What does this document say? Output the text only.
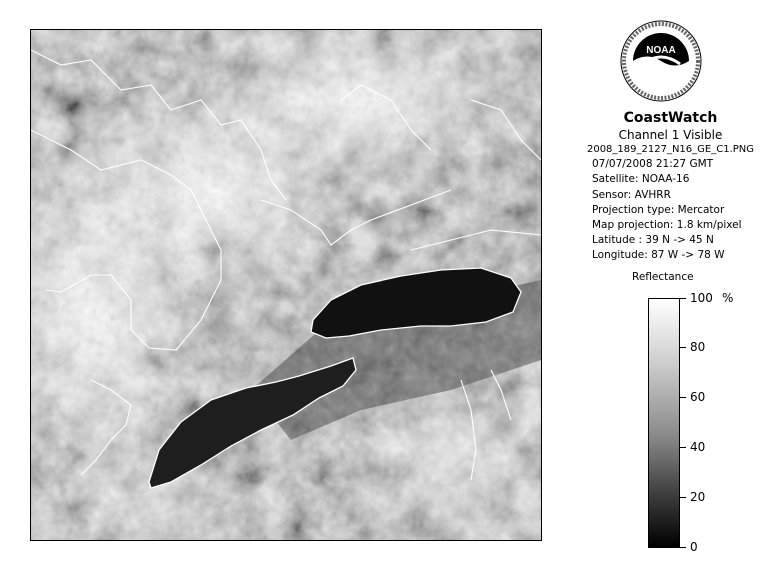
NOAA
CoastWatch
Channel 1 Visible
2008_189_2127_N16_GE_C1.PNG
07/07/2008 21:27 GMT
Satellite: NOAA-16
Sensor: AVHRR
Projection type: Mercator
Map projection: 1.8 km/pixel
Latitude : 39 N -> 45 N
Longitude: 87 W -> 78 W
Reflectance
%
100
80
60
40
20
0
